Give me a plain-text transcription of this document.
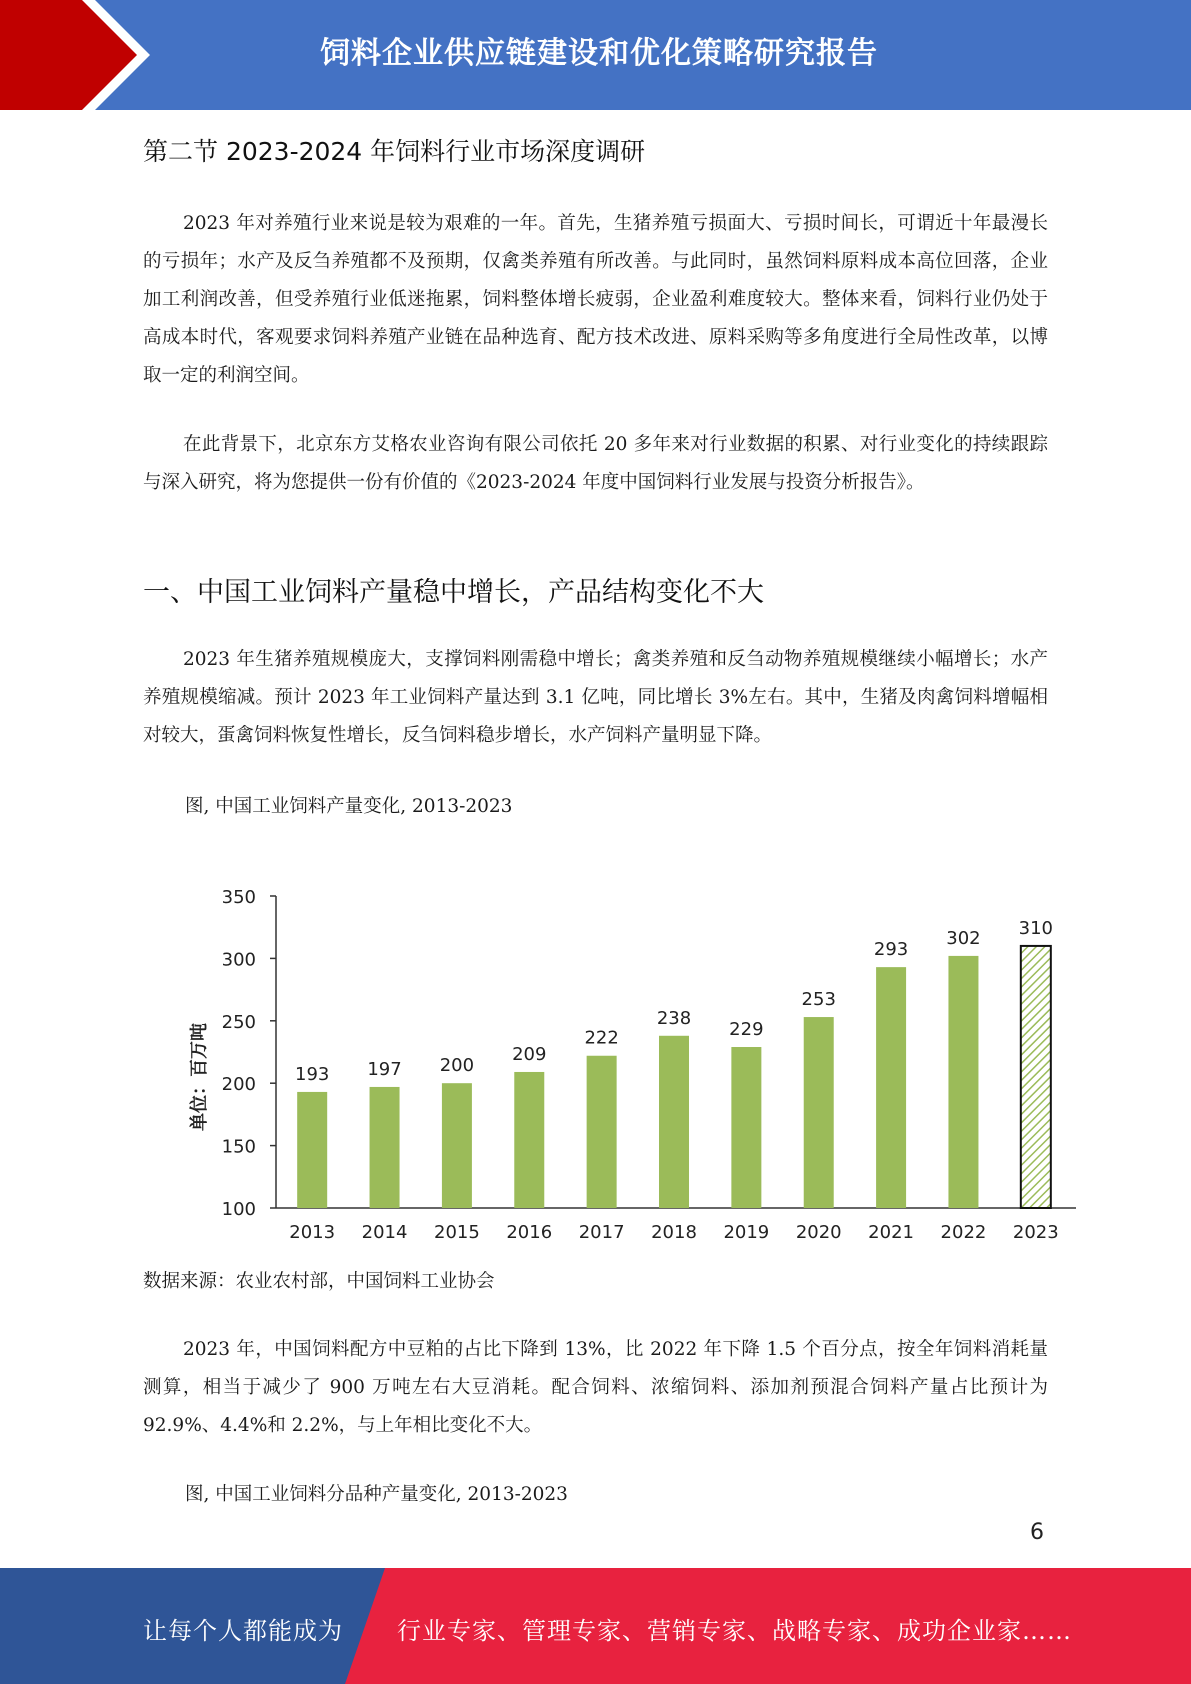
饲料企业供应链建设和优化策略研究报告
第二节 2023-2024 年饲料行业市场深度调研

2023 年对养殖行业来说是较为艰难的一年。首先，生猪养殖亏损面大、亏损时间长，可谓近十年最漫长的亏损年；水产及反刍养殖都不及预期，仅禽类养殖有所改善。与此同时，虽然饲料原料成本高位回落，企业加工利润改善，但受养殖行业低迷拖累，饲料整体增长疲弱，企业盈利难度较大。整体来看，饲料行业仍处于高成本时代，客观要求饲料养殖产业链在品种选育、配方技术改进、原料采购等多角度进行全局性改革，以博取一定的利润空间。

在此背景下，北京东方艾格农业咨询有限公司依托 20 多年来对行业数据的积累、对行业变化的持续跟踪与深入研究，将为您提供一份有价值的《2023-2024 年度中国饲料行业发展与投资分析报告》。

一、中国工业饲料产量稳中增长，产品结构变化不大

2023 年生猪养殖规模庞大，支撑饲料刚需稳中增长；禽类养殖和反刍动物养殖规模继续小幅增长；水产养殖规模缩减。预计 2023 年工业饲料产量达到 3.1 亿吨，同比增长 3%左右。其中，生猪及肉禽饲料增幅相对较大，蛋禽饲料恢复性增长，反刍饲料稳步增长，水产饲料产量明显下降。

图, 中国工业饲料产量变化, 2013-2023
100
150
200
250
300
350
单位：百万吨	193
2013
197
2014
200
2015
209
2016
222
2017
238
2018
229
2019
253
2020
293
2021
302
2022
310
2023
数据来源：农业农村部，中国饲料工业协会

2023 年，中国饲料配方中豆粕的占比下降到 13%，比 2022 年下降 1.5 个百分点，按全年饲料消耗量测算，相当于减少了 900 万吨左右大豆消耗。配合饲料、浓缩饲料、添加剂预混合饲料产量占比预计为 92.9%、4.4%和 2.2%，与上年相比变化不大。

图, 中国工业饲料分品种产量变化, 2013-2023
6
让每个人都能成为 行业专家、管理专家、营销专家、战略专家、成功企业家……
